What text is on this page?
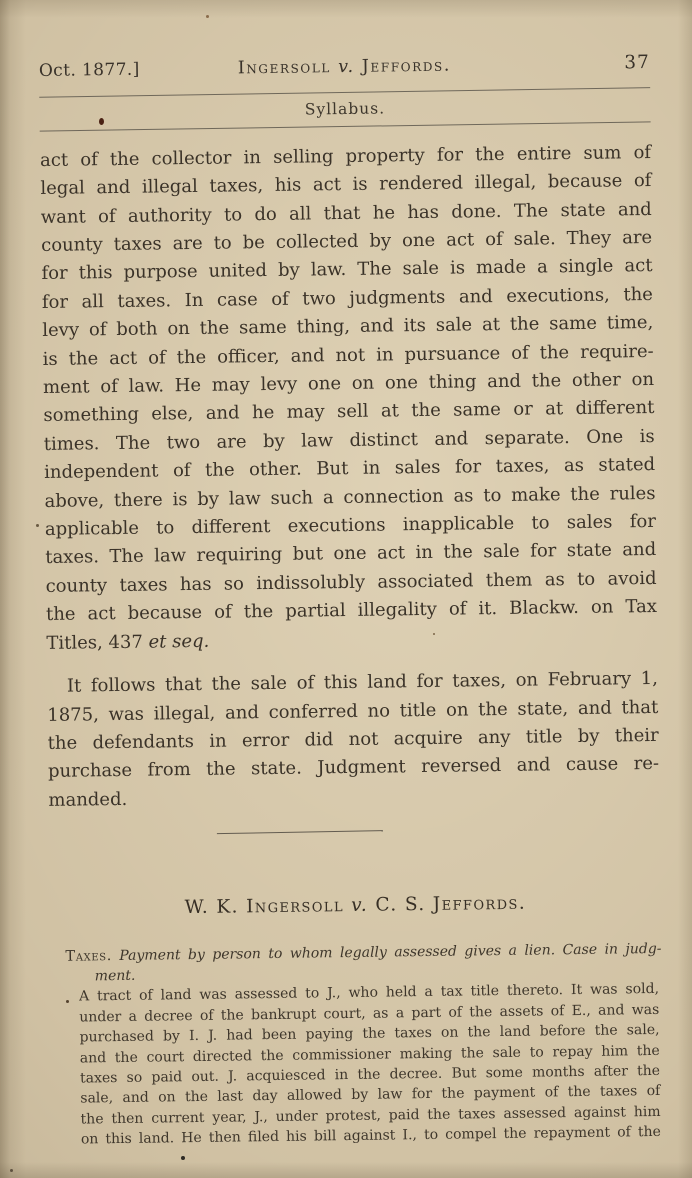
Oct. 1877.]	Ingersoll v. Jeffords.	37
Syllabus.
act of the collector in selling property for the entire sum of
legal and illegal taxes, his act is rendered illegal, because of
want of authority to do all that he has done. The state and
county taxes are to be collected by one act of sale. They are
for this purpose united by law. The sale is made a single act
for all taxes. In case of two judgments and executions, the
levy of both on the same thing, and its sale at the same time,
is the act of the officer, and not in pursuance of the require-
ment of law. He may levy one on one thing and the other on
something else, and he may sell at the same or at different
times. The two are by law distinct and separate. One is
independent of the other. But in sales for taxes, as stated
above, there is by law such a connection as to make the rules
applicable to different executions inapplicable to sales for
taxes. The law requiring but one act in the sale for state and
county taxes has so indissolubly associated them as to avoid
the act because of the partial illegality of it. Blackw. on Tax
Titles, 437 et seq.
It follows that the sale of this land for taxes, on February 1,
1875, was illegal, and conferred no title on the state, and that
the defendants in error did not acquire any title by their
purchase from the state. Judgment reversed and cause re-
manded.
W. K. Ingersoll v. C. S. Jeffords.
Taxes. Payment by person to whom legally assessed gives a lien. Case in judg-
ment.
A tract of land was assessed to J., who held a tax title thereto. It was sold,
under a decree of the bankrupt court, as a part of the assets of E., and was
purchased by I. J. had been paying the taxes on the land before the sale,
and the court directed the commissioner making the sale to repay him the
taxes so paid out. J. acquiesced in the decree. But some months after the
sale, and on the last day allowed by law for the payment of the taxes of
the then current year, J., under protest, paid the taxes assessed against him
on this land. He then filed his bill against I., to compel the repayment of the
